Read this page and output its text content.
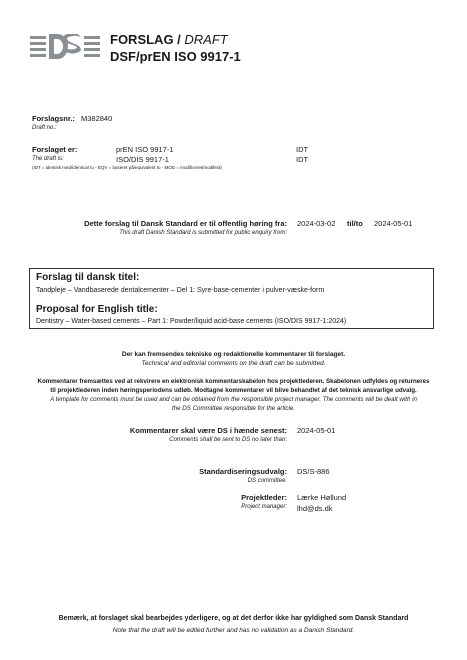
FORSLAG / DRAFT
DSF/prEN ISO 9917-1
Forslagsnr.: M382840
Draft no.:
Forslaget er:	prEN ISO 9917-1	IDT
The draft is:	ISO/DIS 9917-1	IDT
(IDT = identisk med/identical to - EQV = baseret på/equivalent to - MOD = modificeret/modified)
Dette forslag til Dansk Standard er til offentlig høring fra: 2024-03-02 til/to 2024-05-01
This draft Danish Standard is submitted for public enquiry from:
Forslag til dansk titel:
Tandpleje – Vandbaserede dentalcementer – Del 1: Syre-base-cementer i pulver-væske-form
Proposal for English title:
Dentistry – Water-based cements – Part 1: Powder/liquid acid-base cements (ISO/DIS 9917-1:2024)
Der kan fremsendes tekniske og redaktionelle kommentarer til forslaget.
Technical and editorial comments on the draft can be submitted.
Kommentarer fremsættes ved at rekvirere en elektronisk kommentarskabelon hos projektlederen. Skabelonen udfyldes og returneres
til projektlederen inden høringsperiodens udløb. Modtagne kommentarer vil blive behandlet af det teknisk ansvarlige udvalg.
A template for comments must be used and can be obtained from the responsible project manager. The comments will be dealt with in
the DS Committee responsible for the article.
Kommentarer skal være DS i hænde senest: 2024-05-01
Comments shall be sent to DS no later than:
Standardiseringsudvalg: DS/S-886
DS committee:
Projektleder: Lærke Høllund
Project manager: lhd@ds.dk
Bemærk, at forslaget skal bearbejdes yderligere, og at det derfor ikke har gyldighed som Dansk Standard
Note that the draft will be edited further and has no validation as a Danish Standard.
